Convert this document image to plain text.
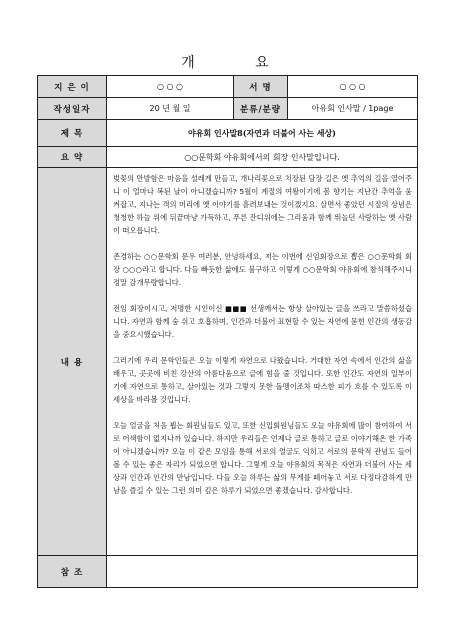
개 요
지 은 이	○ ○ ○	서 명	○ ○ ○
작성일자	20 년 월 일	분류/분량	아유회 인사말 / 1page
제 목	야유회 인사말8(자연과 더불어 사는 세상)		
요 약	○○문학회 야유회에서의 회장 인사말입니다.		
내 용	벚꽃의 만발함은 마음을 설레게 만들고, 개나리꽃으로 치장된 담장 길은 옛 추억의 길을 열어주니 이 얼마나 복된 날이 아니겠습니까? 5월이 계절의 여왕이기에 봄 향기는 지난간 추억을 움켜잡고, 지나는 객의 머리에 옛 이야기를 흩려보내는 것이겠지요. 살면서 좋았던 시절의 상념은 청청한 하늘 위에 뒤끝마냥 가득하고, 푸른 잔디위에는 그리움과 함께 뛰놀던 사랑하는 옛 사람이 떠오릅니다.

존경하는 ○○문학회 문우 여러분, 안녕하세요, 저는 이번에 신임회장으로 뽑은 ○○문학회 회장 ○○○라고 합니다. 다들 빠듯한 삶에도 불구하고 이렇게 ○○문학회 야유회에 참석해주시니 정말 감개무량합니다.

전임 회장이시고, 저명한 시인이신 ■■■ 선생께서는 항상 살아있는 글을 쓰라고 말씀하셨습니다. 자연과 함께 숨 쉬고 호흡하며, 인간과 더불어 표현할 수 있는 자연에 묻힌 인간의 생동감을 중요시했습니다.

그러기에 우리 문학인들은 오늘 이렇게 자연으로 나왔습니다. 거대한 자연 속에서 인간의 삶을 배우고, 곳곳에 비친 강산의 아름다움으로 글에 힘을 줄 것입니다. 또한 인간도 자연의 일부이기에 자연으로 통하고, 살아있는 것과 그렇지 못한 돌멩이조차 따스한 피가 흐를 수 있도록 이 세상을 바라볼 것입니다.

오늘 얼굴을 처음 뵙는 회원님들도 있고, 또한 신입회원님들도 오늘 야유회에 많이 참여하여 서로 어색함이 없지나까 있습니다. 하지만 우리들은 언제나 글로 통하고 글로 이야기해온 한 가족이 아니겠습니까? 오늘 이 같은 모임을 통해 서로의 얼굴도 익히고 서로의 문학적 관념도 들어볼 수 있는 좋은 자리가 되었으면 합니다. 그렇게 오늘 야유회의 목적은 자연과 더불어 사는 세상과 인간과 인간의 만남입니다. 다들 오늘 하루는 삶의 무게를 떼어놓고 서로 다정다감하게 만남을 즐길 수 있는 그런 의미 깊은 하루가 되었으면 좋겠습니다. 감사합니다.		

참 조			
